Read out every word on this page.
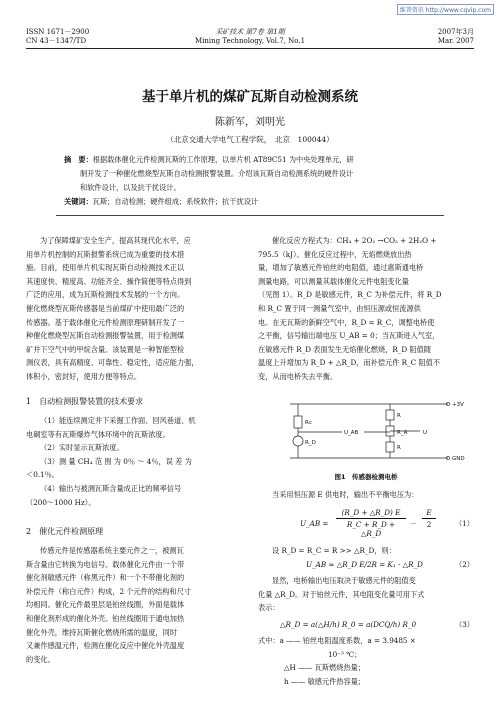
维普资讯 http://www.cqvip.com
ISSN 1671－2900
CN 43－1347/TD
采矿技术 第7卷 第1期
Mining Technology, Vol.7, No.1
2007年3月
Mar. 2007
基于单片机的煤矿瓦斯自动检测系统
陈新军，刘明光
（北京交通大学电气工程学院，　北京　100044）
摘　要：根据载体催化元件检测瓦斯的工作原理，以单片机 AT89C51 为中央处理单元，研
制开发了一种催化燃烧型瓦斯自动检测报警装置。介绍该瓦斯自动检测系统的硬件设计
和软件设计，以及抗干扰设计。
关键词：瓦斯；自动检测；硬件组成；系统软件；抗干扰设计
为了保障煤矿安全生产，提高其现代化水平，应
用单片机控制的瓦斯报警系统已成为重要的技术措
施。目前，使用单片机实现瓦斯自动检测技术正以
其速度快、精度高、功能齐全、操作简便等特点得到
广泛的应用，成为瓦斯检测技术发展的一个方向。
催化燃烧型瓦斯传感器是当前煤矿中使用最广泛的
传感器。基于载体催化元件检测原理研制开发了一
种催化燃烧型瓦斯自动检测报警装置，用于检测煤
矿井下空气中的甲烷含量。该装置是一种智能型检
测仪表，具有高精度、可靠性、稳定性，适应能力强，
体积小，密封好，使用方便等特点。
1　自动检测报警装置的技术要求
（1）能连续测定井下采掘工作面、回风巷道、机
电硐室等有瓦斯爆炸气体环境中的瓦斯浓度。
（2）实时显示瓦斯浓度。
（3）测 量 CH₄ 范 围 为 0％ ～ 4％，误 差 为
＜0.1％。
（4）输出与被测瓦斯含量成正比的频率信号
（200～1000 Hz）。
2　催化元件检测原理
传感元件是传感器系统主要元件之一，被测瓦
斯含量由它转换为电信号。载体催化元件由一个带
催化剂敏感元件（称黑元件）和一个不带催化剂的
补偿元件（称白元件）构成，2 个元件的结构和尺寸
均相同。催化元件最里层是铂丝线圈，外面是载体
和催化剂形成的催化外壳。铂丝线圈用于通电加热
催化外壳，维持瓦斯催化燃烧所需的温度，同时
又兼作感温元件，检测在催化反应中催化外壳温度
的变化。
催化反应方程式为：CH₄ + 2O₂ →CO₂ + 2H₂O +
795.5（kJ）。催化反应过程中，无焰燃烧放出热
量，增加了敏感元件铂丝的电阻值，通过惠斯通电桥
测量电路，可以测量其载体催化元件电阻变化量
（见图 1）。R_D 是敏感元件，R_C 为补偿元件，将 R_D
和 R_C 置于同一测量气室中，由恒压源或恒流源供
电。在无瓦斯的新鲜空气中，R_D = R_C，调整电桥使
之平衡，信号输出端电压 U_AB = 0；当瓦斯进入气室，
在敏感元件 R_D 表面发生无焰催化燃烧，R_D 阻值随
温度上升增加为 R_D + △R_D，而补偿元件 R_C 阻值不
变，从而电桥失去平衡。
+3V
Rc
R_D
U_AB
R
R_A
R
U
GND
图1　传感器检测电桥
当采用恒压源 E 供电时，输出不平衡电压为：
U_AB = $\frac{(R\_D + \triangle R\_D) E}{R\_C + R\_D + \triangle R\_D} - \frac{E}{2}$	（1）
设 R_D = R_C = R >> △R_D，则：
U_AB ≈ △R_D E/2R = K₁ · △R_D	（2）
显然，电桥输出电压取决于敏感元件的阻值变
化量 △R_D。对于铂丝元件，其电阻变化量可用下式
表示：
△R_D = a(△H/h) R_0 = a(DCQ/h) R_0	（3）
式中：a —— 铂丝电阻温度系数，a = 3.9485 ×
10⁻³ ℃；
△H —— 瓦斯燃烧热量；
h —— 敏感元件热容量；
